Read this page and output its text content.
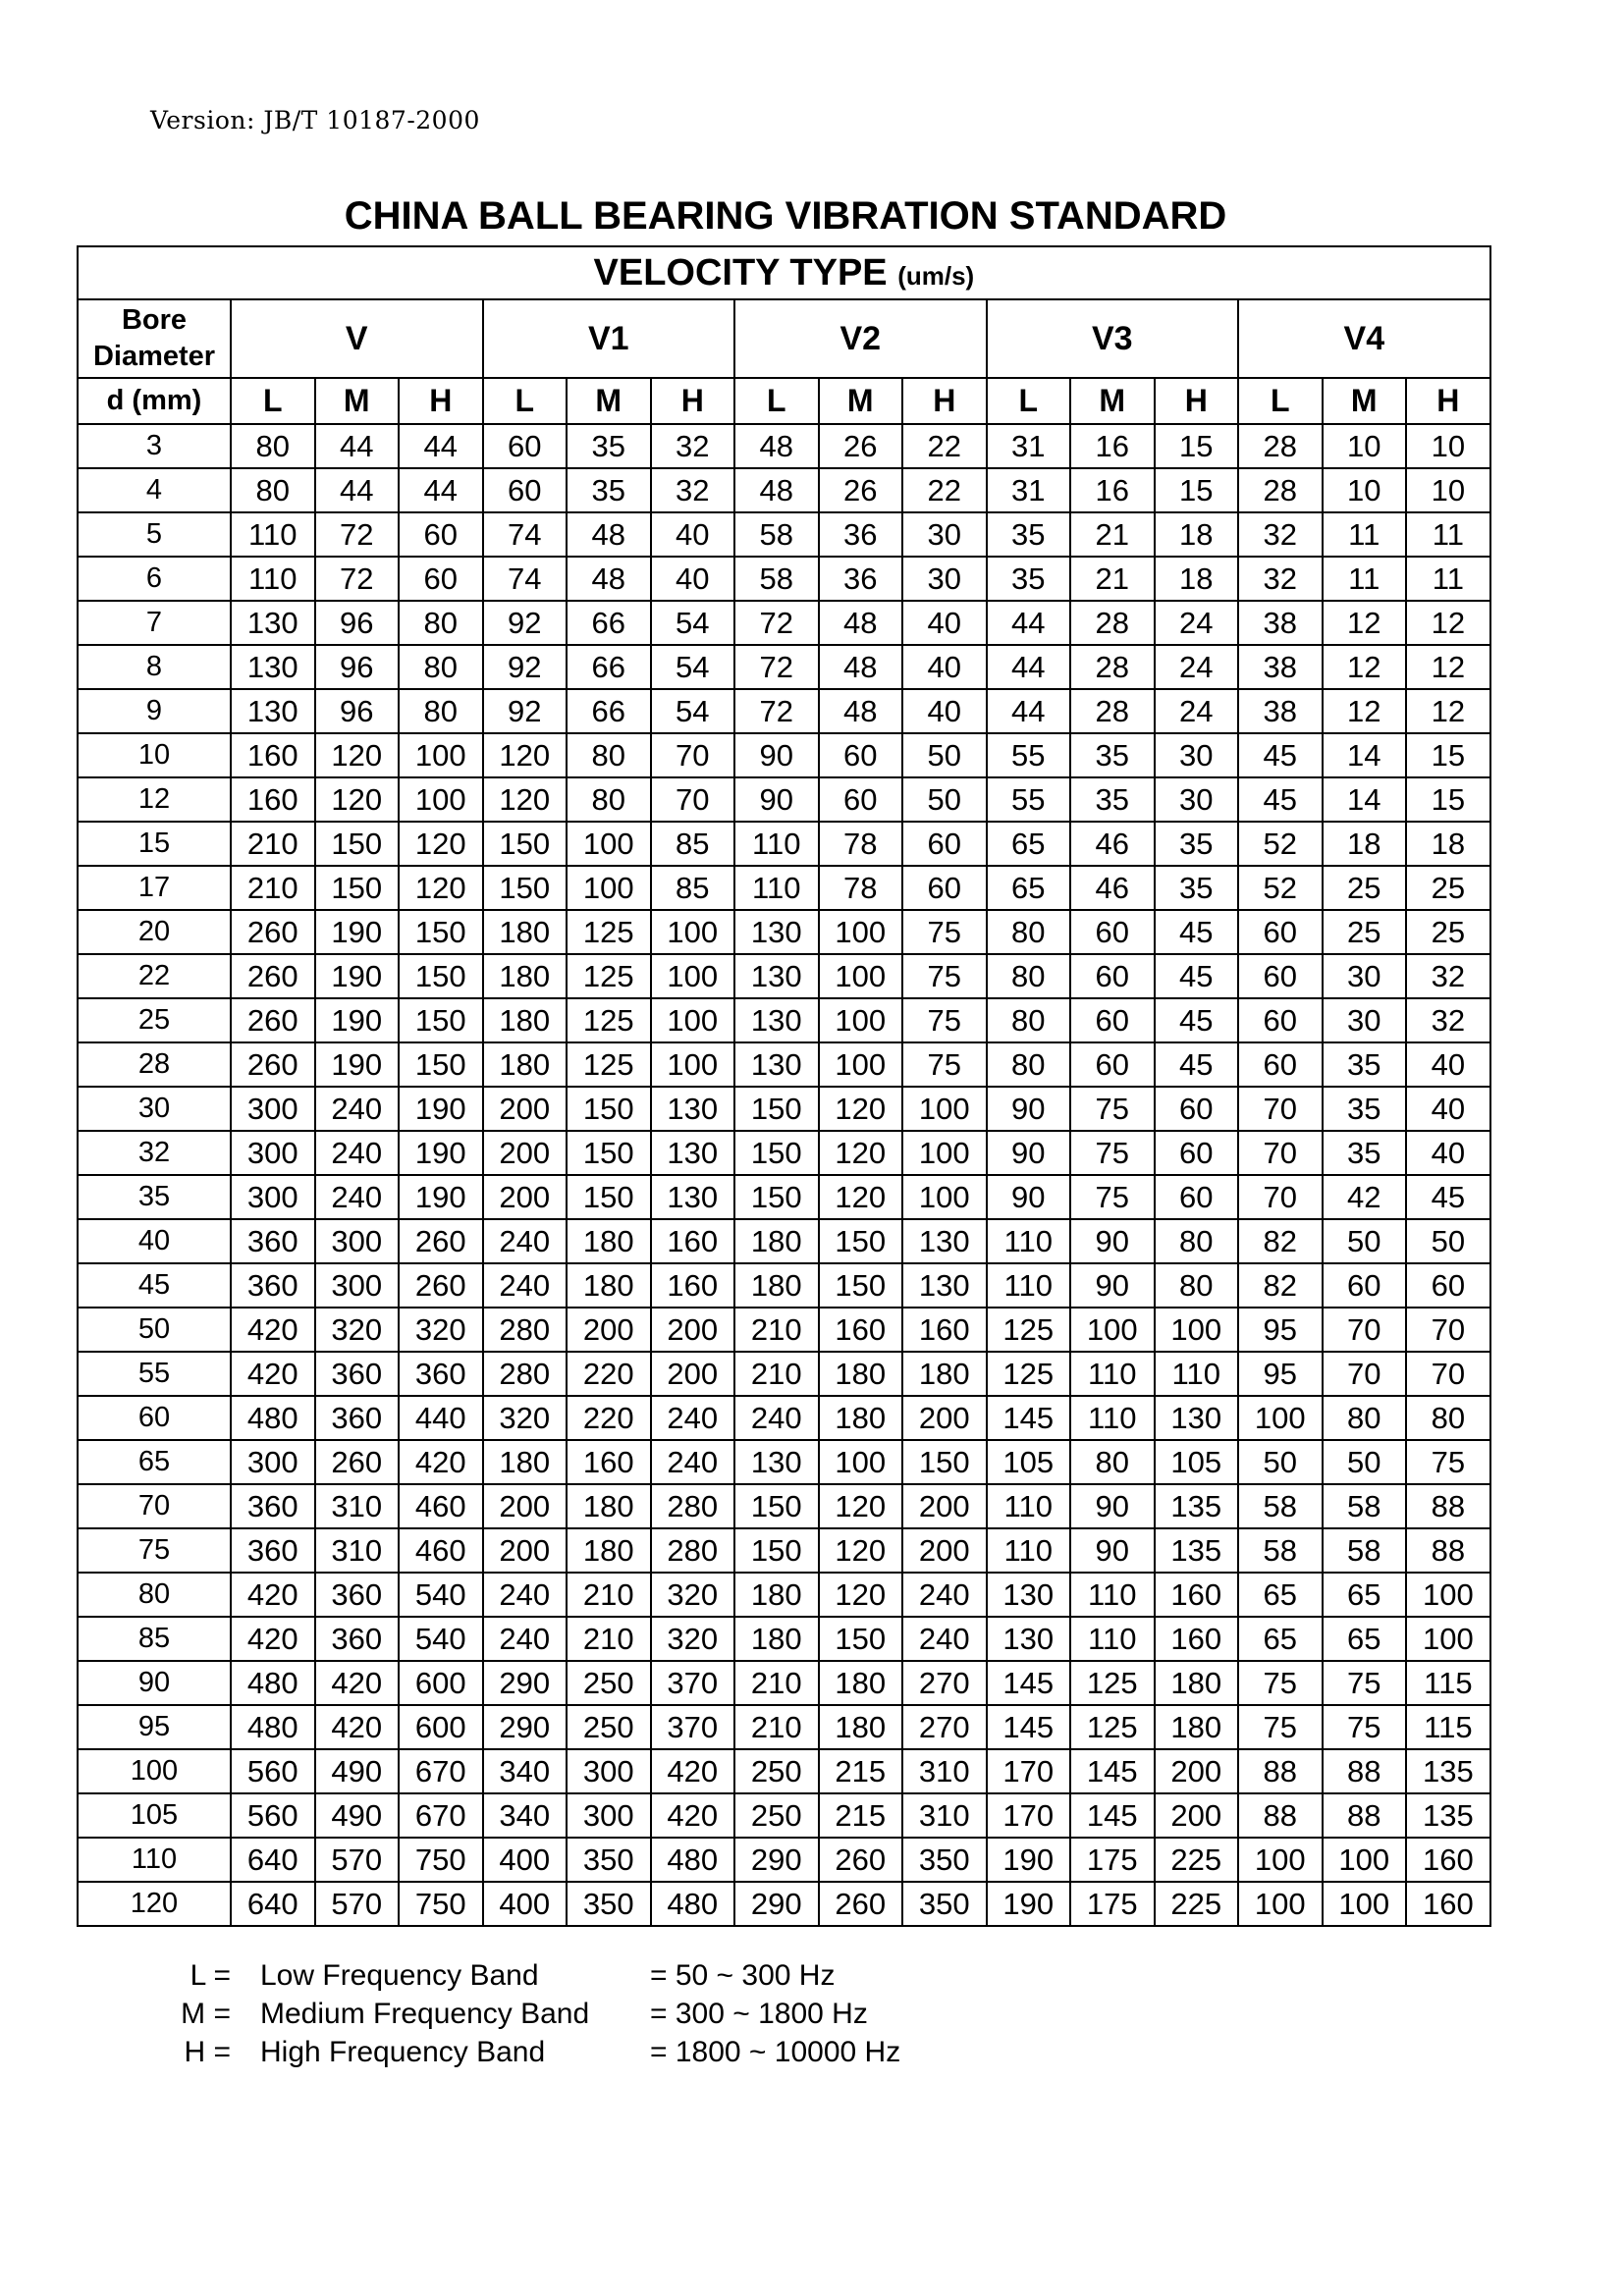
Version: JB/T 10187-2000
CHINA BALL BEARING VIBRATION STANDARD
VELOCITY TYPE (um/s)															
Bore
Diameter	V			V1			V2			V3			V4		
d (mm)	L	M	H	L	M	H	L	M	H	L	M	H	L	M	H
3	80	44	44	60	35	32	48	26	22	31	16	15	28	10	10
4	80	44	44	60	35	32	48	26	22	31	16	15	28	10	10
5	110	72	60	74	48	40	58	36	30	35	21	18	32	11	11
6	110	72	60	74	48	40	58	36	30	35	21	18	32	11	11
7	130	96	80	92	66	54	72	48	40	44	28	24	38	12	12
8	130	96	80	92	66	54	72	48	40	44	28	24	38	12	12
9	130	96	80	92	66	54	72	48	40	44	28	24	38	12	12
10	160	120	100	120	80	70	90	60	50	55	35	30	45	14	15
12	160	120	100	120	80	70	90	60	50	55	35	30	45	14	15
15	210	150	120	150	100	85	110	78	60	65	46	35	52	18	18
17	210	150	120	150	100	85	110	78	60	65	46	35	52	25	25
20	260	190	150	180	125	100	130	100	75	80	60	45	60	25	25
22	260	190	150	180	125	100	130	100	75	80	60	45	60	30	32
25	260	190	150	180	125	100	130	100	75	80	60	45	60	30	32
28	260	190	150	180	125	100	130	100	75	80	60	45	60	35	40
30	300	240	190	200	150	130	150	120	100	90	75	60	70	35	40
32	300	240	190	200	150	130	150	120	100	90	75	60	70	35	40
35	300	240	190	200	150	130	150	120	100	90	75	60	70	42	45
40	360	300	260	240	180	160	180	150	130	110	90	80	82	50	50
45	360	300	260	240	180	160	180	150	130	110	90	80	82	60	60
50	420	320	320	280	200	200	210	160	160	125	100	100	95	70	70
55	420	360	360	280	220	200	210	180	180	125	110	110	95	70	70
60	480	360	440	320	220	240	240	180	200	145	110	130	100	80	80
65	300	260	420	180	160	240	130	100	150	105	80	105	50	50	75
70	360	310	460	200	180	280	150	120	200	110	90	135	58	58	88
75	360	310	460	200	180	280	150	120	200	110	90	135	58	58	88
80	420	360	540	240	210	320	180	120	240	130	110	160	65	65	100
85	420	360	540	240	210	320	180	150	240	130	110	160	65	65	100
90	480	420	600	290	250	370	210	180	270	145	125	180	75	75	115
95	480	420	600	290	250	370	210	180	270	145	125	180	75	75	115
100	560	490	670	340	300	420	250	215	310	170	145	200	88	88	135
105	560	490	670	340	300	420	250	215	310	170	145	200	88	88	135
110	640	570	750	400	350	480	290	260	350	190	175	225	100	100	160
120	640	570	750	400	350	480	290	260	350	190	175	225	100	100	160
L = Low Frequency Band	= 50 ~ 300 Hz
M = Medium Frequency Band = 300 ~ 1800 Hz
H = High Frequency Band	= 1800 ~ 10000 Hz
